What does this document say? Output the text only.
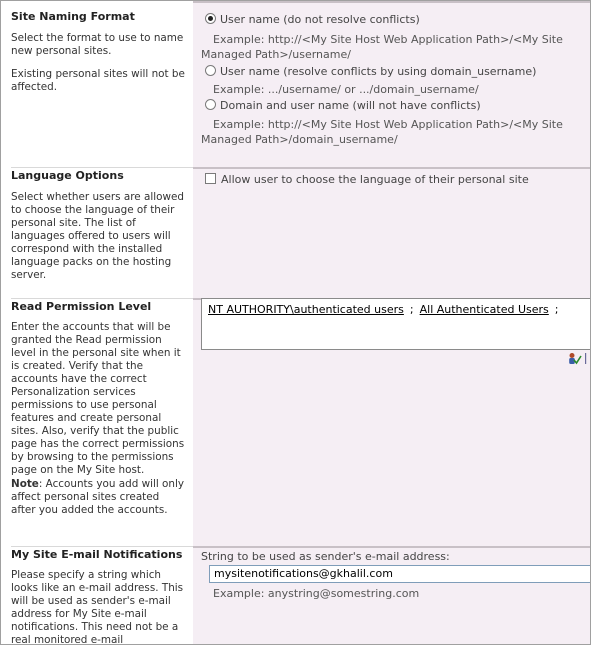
Site Naming Format
Select the format to use to name new personal sites.
Existing personal sites will not be affected.
User name (do not resolve conflicts)
Example: http://<My Site Host Web Application Path>/<My Site
Managed Path>/username/
User name (resolve conflicts by using domain_username)
Example: .../username/ or .../domain_username/
Domain and user name (will not have conflicts)
Example: http://<My Site Host Web Application Path>/<My Site
Managed Path>/domain_username/
Language Options
Select whether users are allowed to choose the language of their personal site. The list of languages offered to users will correspond with the installed language packs on the hosting server.
Allow user to choose the language of their personal site
Read Permission Level
Enter the accounts that will be granted the Read permission level in the personal site when it is created. Verify that the accounts have the correct Personalization services permissions to use personal features and create personal sites. Also, verify that the public page has the correct permissions by browsing to the permissions page on the My Site host.
Note: Accounts you add will only affect personal sites created after you added the accounts.
NT AUTHORITY\authenticated users ; All Authenticated Users ;
My Site E-mail Notifications
Please specify a string which looks like an e-mail address. This will be used as sender's e-mail address for My Site e-mail notifications. This need not be a real monitored e-mail
String to be used as sender's e-mail address:
mysitenotifications@gkhalil.com
Example: anystring@somestring.com
